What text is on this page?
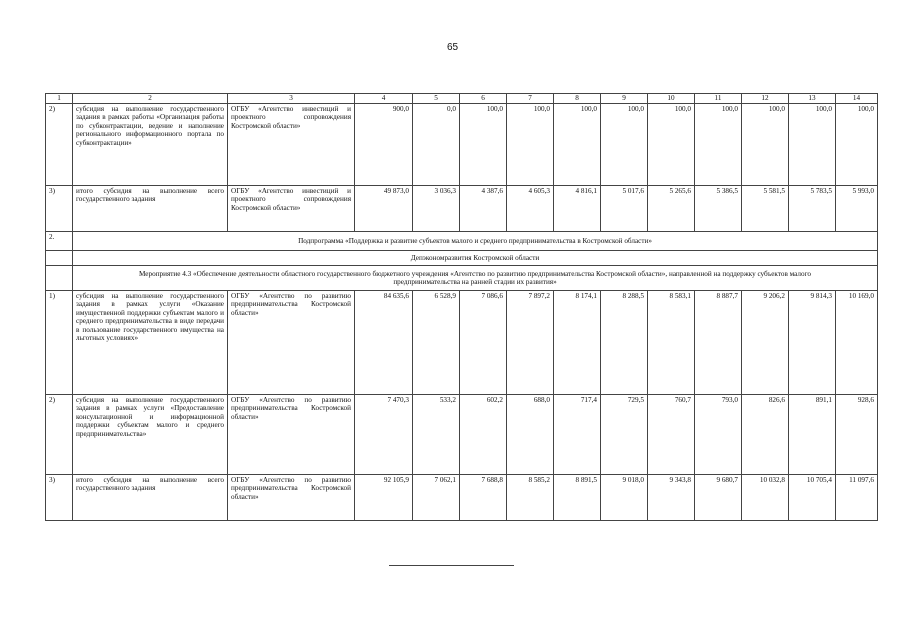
65
1	2	3	4	5	6	7	8	9	10	11	12	13	14
2)	субсидия на выполнение государственного задания в рамках работы «Организация работы по субконтрактации, ведение и наполнение регионального информационного портала по субконтрактации»	ОГБУ «Агентство инвестиций и проектного сопровождения Костромской области»	900,0	0,0	100,0	100,0	100,0	100,0	100,0	100,0	100,0	100,0	100,0
3)	итого субсидия на выполнение всего государственного задания	ОГБУ «Агентство инвестиций и проектного сопровождения Костромской области»	49 873,0	3 036,3	4 387,6	4 605,3	4 816,1	5 017,6	5 265,6	5 386,5	5 581,5	5 783,5	5 993,0
2.	Подпрограмма «Поддержка и развитие субъектов малого и среднего предпринимательства в Костромской области»												
	Депэкономразвития Костромской области												
	Мероприятие 4.3 «Обеспечение деятельности областного государственного бюджетного учреждения «Агентство по развитию предпринимательства Костромской области», направленной на поддержку субъектов малого предпринимательства на ранней стадии их развития»												
1)	субсидия на выполнение государственного задания в рамках услуги «Оказание имущественной поддержки субъектам малого и среднего предпринимательства в виде передачи в пользование государственного имущества на льготных условиях»	ОГБУ «Агентство по развитию предпринимательства Костромской области»	84 635,6	6 528,9	7 086,6	7 897,2	8 174,1	8 288,5	8 583,1	8 887,7	9 206,2	9 814,3	10 169,0
2)	субсидия на выполнение государственного задания в рамках услуги «Предоставление консультационной и информационной поддержки субъектам малого и среднего предпринимательства»	ОГБУ «Агентство по развитию предпринимательства Костромской области»	7 470,3	533,2	602,2	688,0	717,4	729,5	760,7	793,0	826,6	891,1	928,6
3)	итого субсидия на выполнение всего государственного задания	ОГБУ «Агентство по развитию предпринимательства Костромской области»	92 105,9	7 062,1	7 688,8	8 585,2	8 891,5	9 018,0	9 343,8	9 680,7	10 032,8	10 705,4	11 097,6
